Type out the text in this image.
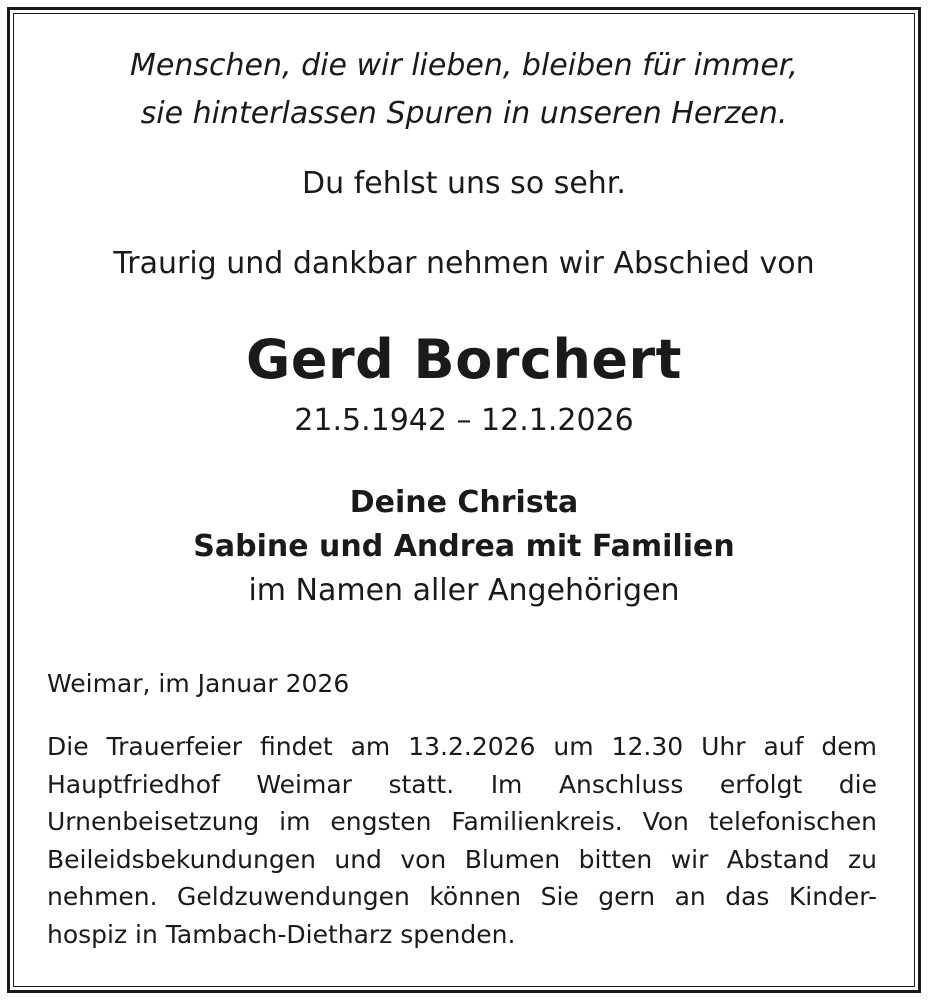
Menschen, die wir lieben, bleiben für immer,
sie hinterlassen Spuren in unseren Herzen.
Du fehlst uns so sehr.
Traurig und dankbar nehmen wir Abschied von
Gerd Borchert
21.5.1942 – 12.1.2026
Deine Christa
Sabine und Andrea mit Familien
im Namen aller Angehörigen
Weimar, im Januar 2026
Die Trauerfeier findet am 13.2.2026 um 12.30 Uhr auf dem
Hauptfriedhof Weimar statt. Im Anschluss erfolgt die
Urnenbeisetzung im engsten Familienkreis. Von telefonischen
Beileidsbekundungen und von Blumen bitten wir Abstand zu
nehmen. Geldzuwendungen können Sie gern an das Kinder-
hospiz in Tambach-Dietharz spenden.
